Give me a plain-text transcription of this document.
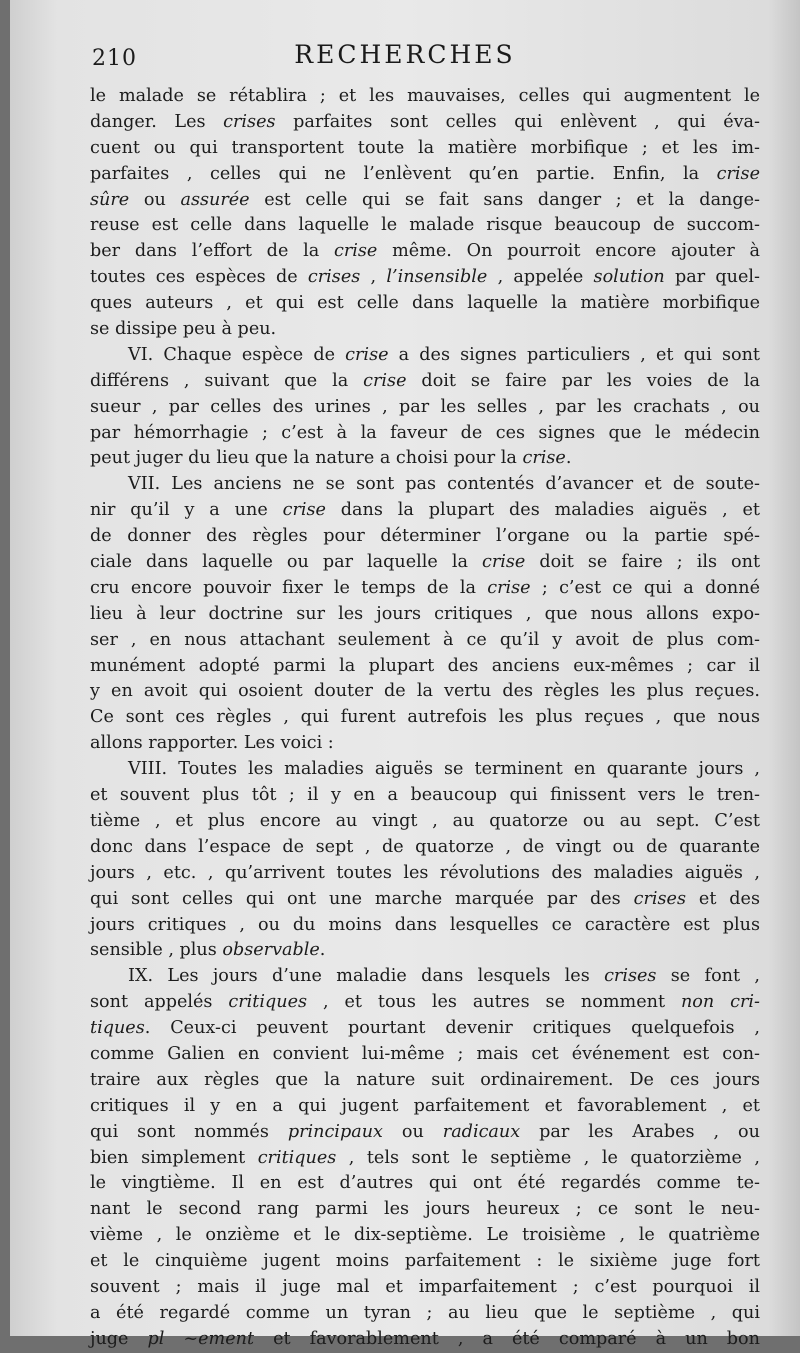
210	RECHERCHES
le malade se rétablira ; et les mauvaises, celles qui augmentent le
danger. Les crises parfaites sont celles qui enlèvent , qui éva-
cuent ou qui transportent toute la matière morbifique ; et les im-
parfaites , celles qui ne l’enlèvent qu’en partie. Enfin, la crise
sûre ou assurée est celle qui se fait sans danger ; et la dange-
reuse est celle dans laquelle le malade risque beaucoup de succom-
ber dans l’effort de la crise même. On pourroit encore ajouter à
toutes ces espèces de crises , l’insensible , appelée solution par quel-
ques auteurs , et qui est celle dans laquelle la matière morbifique
se dissipe peu à peu.
VI. Chaque espèce de crise a des signes particuliers , et qui sont
différens , suivant que la crise doit se faire par les voies de la
sueur , par celles des urines , par les selles , par les crachats , ou
par hémorrhagie ; c’est à la faveur de ces signes que le médecin
peut juger du lieu que la nature a choisi pour la crise.
VII. Les anciens ne se sont pas contentés d’avancer et de soute-
nir qu’il y a une crise dans la plupart des maladies aiguës , et
de donner des règles pour déterminer l’organe ou la partie spé-
ciale dans laquelle ou par laquelle la crise doit se faire ; ils ont
cru encore pouvoir fixer le temps de la crise ; c’est ce qui a donné
lieu à leur doctrine sur les jours critiques , que nous allons expo-
ser , en nous attachant seulement à ce qu’il y avoit de plus com-
munément adopté parmi la plupart des anciens eux-mêmes ; car il
y en avoit qui osoient douter de la vertu des règles les plus reçues.
Ce sont ces règles , qui furent autrefois les plus reçues , que nous
allons rapporter. Les voici :
VIII. Toutes les maladies aiguës se terminent en quarante jours ,
et souvent plus tôt ; il y en a beaucoup qui finissent vers le tren-
tième , et plus encore au vingt , au quatorze ou au sept. C’est
donc dans l’espace de sept , de quatorze , de vingt ou de quarante
jours , etc. , qu’arrivent toutes les révolutions des maladies aiguës ,
qui sont celles qui ont une marche marquée par des crises et des
jours critiques , ou du moins dans lesquelles ce caractère est plus
sensible , plus observable.
IX. Les jours d’une maladie dans lesquels les crises se font ,
sont appelés critiques , et tous les autres se nomment non cri-
tiques. Ceux-ci peuvent pourtant devenir critiques quelquefois ,
comme Galien en convient lui-même ; mais cet événement est con-
traire aux règles que la nature suit ordinairement. De ces jours
critiques il y en a qui jugent parfaitement et favorablement , et
qui sont nommés principaux ou radicaux par les Arabes , ou
bien simplement critiques , tels sont le septième , le quatorzième ,
le vingtième. Il en est d’autres qui ont été regardés comme te-
nant le second rang parmi les jours heureux ; ce sont le neu-
vième , le onzième et le dix-septième. Le troisième , le quatrième
et le cinquième jugent moins parfaitement : le sixième juge fort
souvent ; mais il juge mal et imparfaitement ; c’est pourquoi il
a été regardé comme un tyran ; au lieu que le septième , qui
juge pl ~ement et favorablement , a été comparé à un bon
